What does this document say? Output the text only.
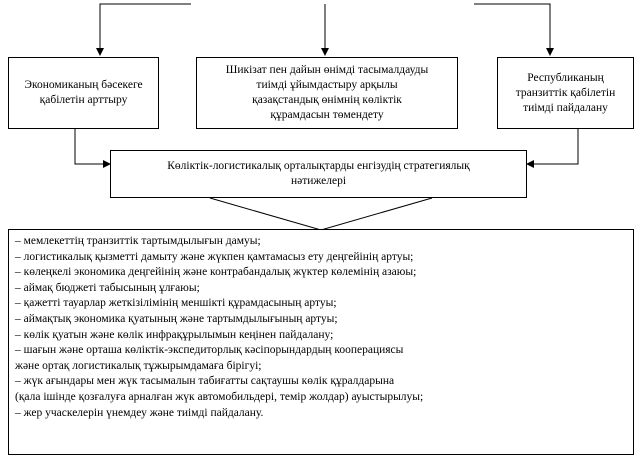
Экономиканың бәсекеге
қабілетін арттыру
Шикізат пен дайын өнімді тасымалдауды
тиімді ұйымдастыру арқылы
қазақстандық өнімнің көліктік
құрамдасын төмендету
Республиканың
транзиттік қабілетін
тиімді пайдалану
Көліктік-логистикалық орталықтарды енгізудің стратегиялық
нәтижелері
– мемлекеттің транзиттік тартымдылығын дамуы;
– логистикалық қызметті дамыту және жүкпен қамтамасыз ету деңгейінің артуы;
– көлеңкелі экономика деңгейінің және контрабандалық жүктер көлемінің азаюы;
– аймақ бюджеті табысының ұлғаюы;
– қажетті тауарлар жеткізілімінің меншікті құрамдасының артуы;
– аймақтық экономика қуатының және тартымдылығының артуы;
– көлік қуатын және көлік инфрақұрылымын кеңінен пайдалану;
– шағын және орташа көліктік-экспедиторлық кәсіпорындардың кооперациясы
және ортақ логистикалық тұжырымдамаға бірігуі;
– жүк ағындары мен жүк тасымалын табиғатты сақтаушы көлік құралдарына
(қала ішінде қозғалуға арналған жүк автомобильдері, темір жолдар) ауыстырылуы;
– жер учаскелерін үнемдеу және тиімді пайдалану.
